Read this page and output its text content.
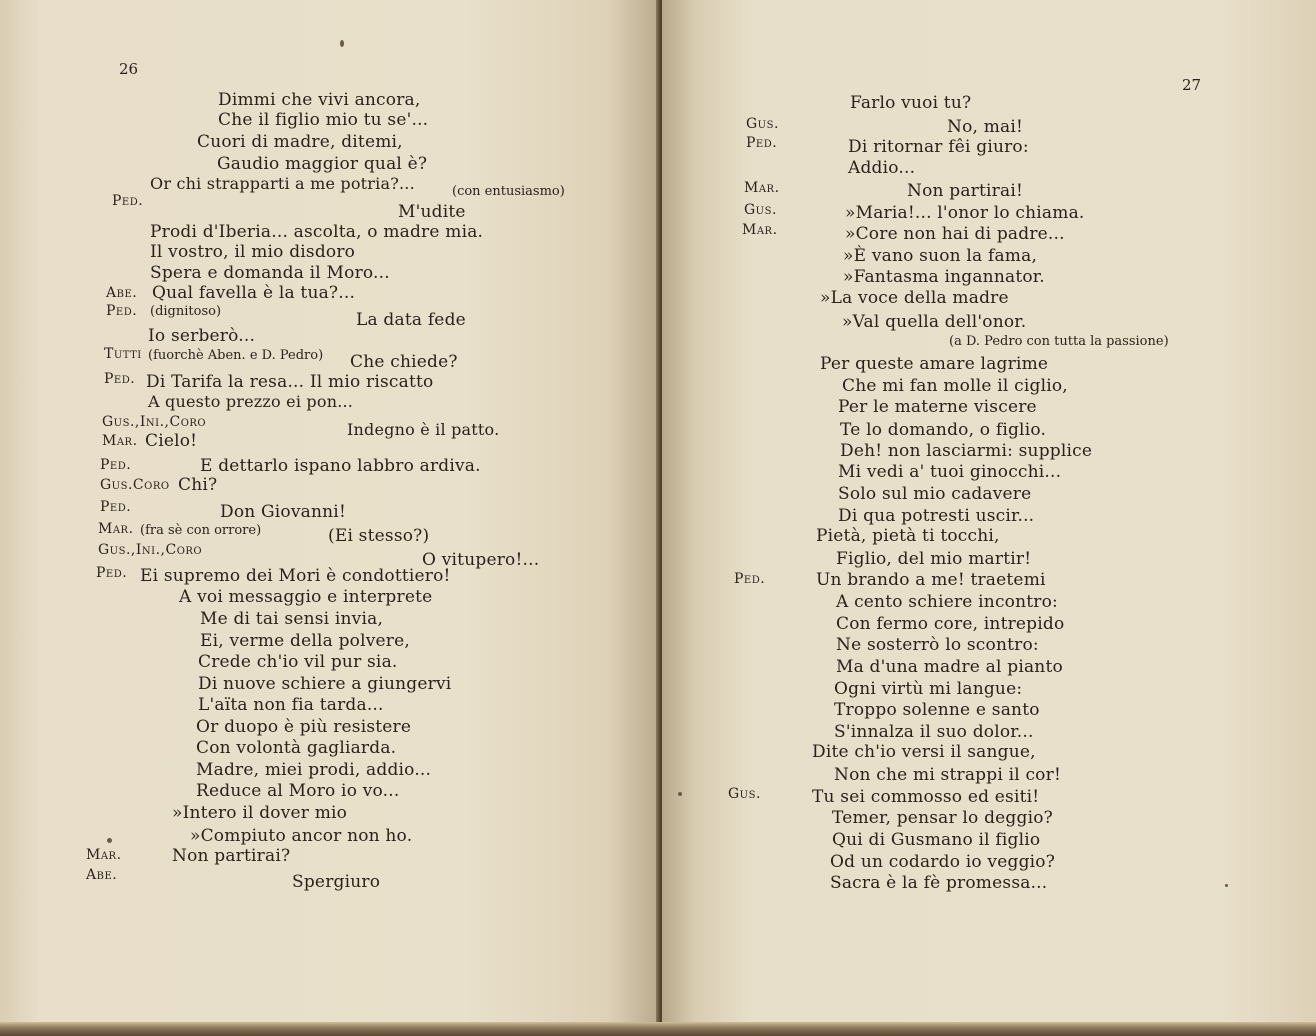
26
Dimmi che vivi ancora,
Che il figlio mio tu se'...
Cuori di madre, ditemi,
Gaudio maggior qual è?
Or chi strapparti a me potria?...	(con entusiasmo)
Ped.
M'udite
Prodi d'Iberia... ascolta, o madre mia.
Il vostro, il mio disdoro
Spera e domanda il Moro...
Abe. Qual favella è la tua?...
Ped. (dignitoso)	La data fede
Io serberò...
Tutti (fuorchè Aben. e D. Pedro) Che chiede?
Ped. Di Tarifa la resa... Il mio riscatto
A questo prezzo ei pon...
Gus.,Ini.,Coro	Indegno è il patto.
Mar. Cielo!
Ped.	E dettarlo ispano labbro ardiva.
Gus.Coro Chi?
Ped.	Don Giovanni!
Mar. (fra sè con orrore)	(Ei stesso?)
Gus.,Ini.,Coro	O vitupero!...
Ped. Ei supremo dei Mori è condottiero!
A voi messaggio e interprete
Me di tai sensi invia,
Ei, verme della polvere,
Crede ch'io vil pur sia.
Di nuove schiere a giungervi
L'aïta non fia tarda...
Or duopo è più resistere
Con volontà gagliarda.
Madre, miei prodi, addio...
Reduce al Moro io vo...
»Intero il dover mio
»Compiuto ancor non ho.
Mar.	Non partirai?
Abe.	Spergiuro
27
Farlo vuoi tu?
Gus.	No, mai!
Ped.	Di ritornar fêi giuro:
Addio...
Mar.	Non partirai!
Gus.	»Maria!... l'onor lo chiama.
Mar.	»Core non hai di padre...
»È vano suon la fama,
»Fantasma ingannator.
»La voce della madre
»Val quella dell'onor.
(a D. Pedro con tutta la passione)
Per queste amare lagrime
Che mi fan molle il ciglio,
Per le materne viscere
Te lo domando, o figlio.
Deh! non lasciarmi: supplice
Mi vedi a' tuoi ginocchi...
Solo sul mio cadavere
Di qua potresti uscir...
Pietà, pietà ti tocchi,
Figlio, del mio martir!
Ped.	Un brando a me! traetemi
A cento schiere incontro:
Con fermo core, intrepido
Ne sosterrò lo scontro:
Ma d'una madre al pianto
Ogni virtù mi langue:
Troppo solenne e santo
S'innalza il suo dolor...
Dite ch'io versi il sangue,
Non che mi strappi il cor!
Gus.	Tu sei commosso ed esiti!
Temer, pensar lo deggio?
Qui di Gusmano il figlio
Od un codardo io veggio?
Sacra è la fè promessa...
